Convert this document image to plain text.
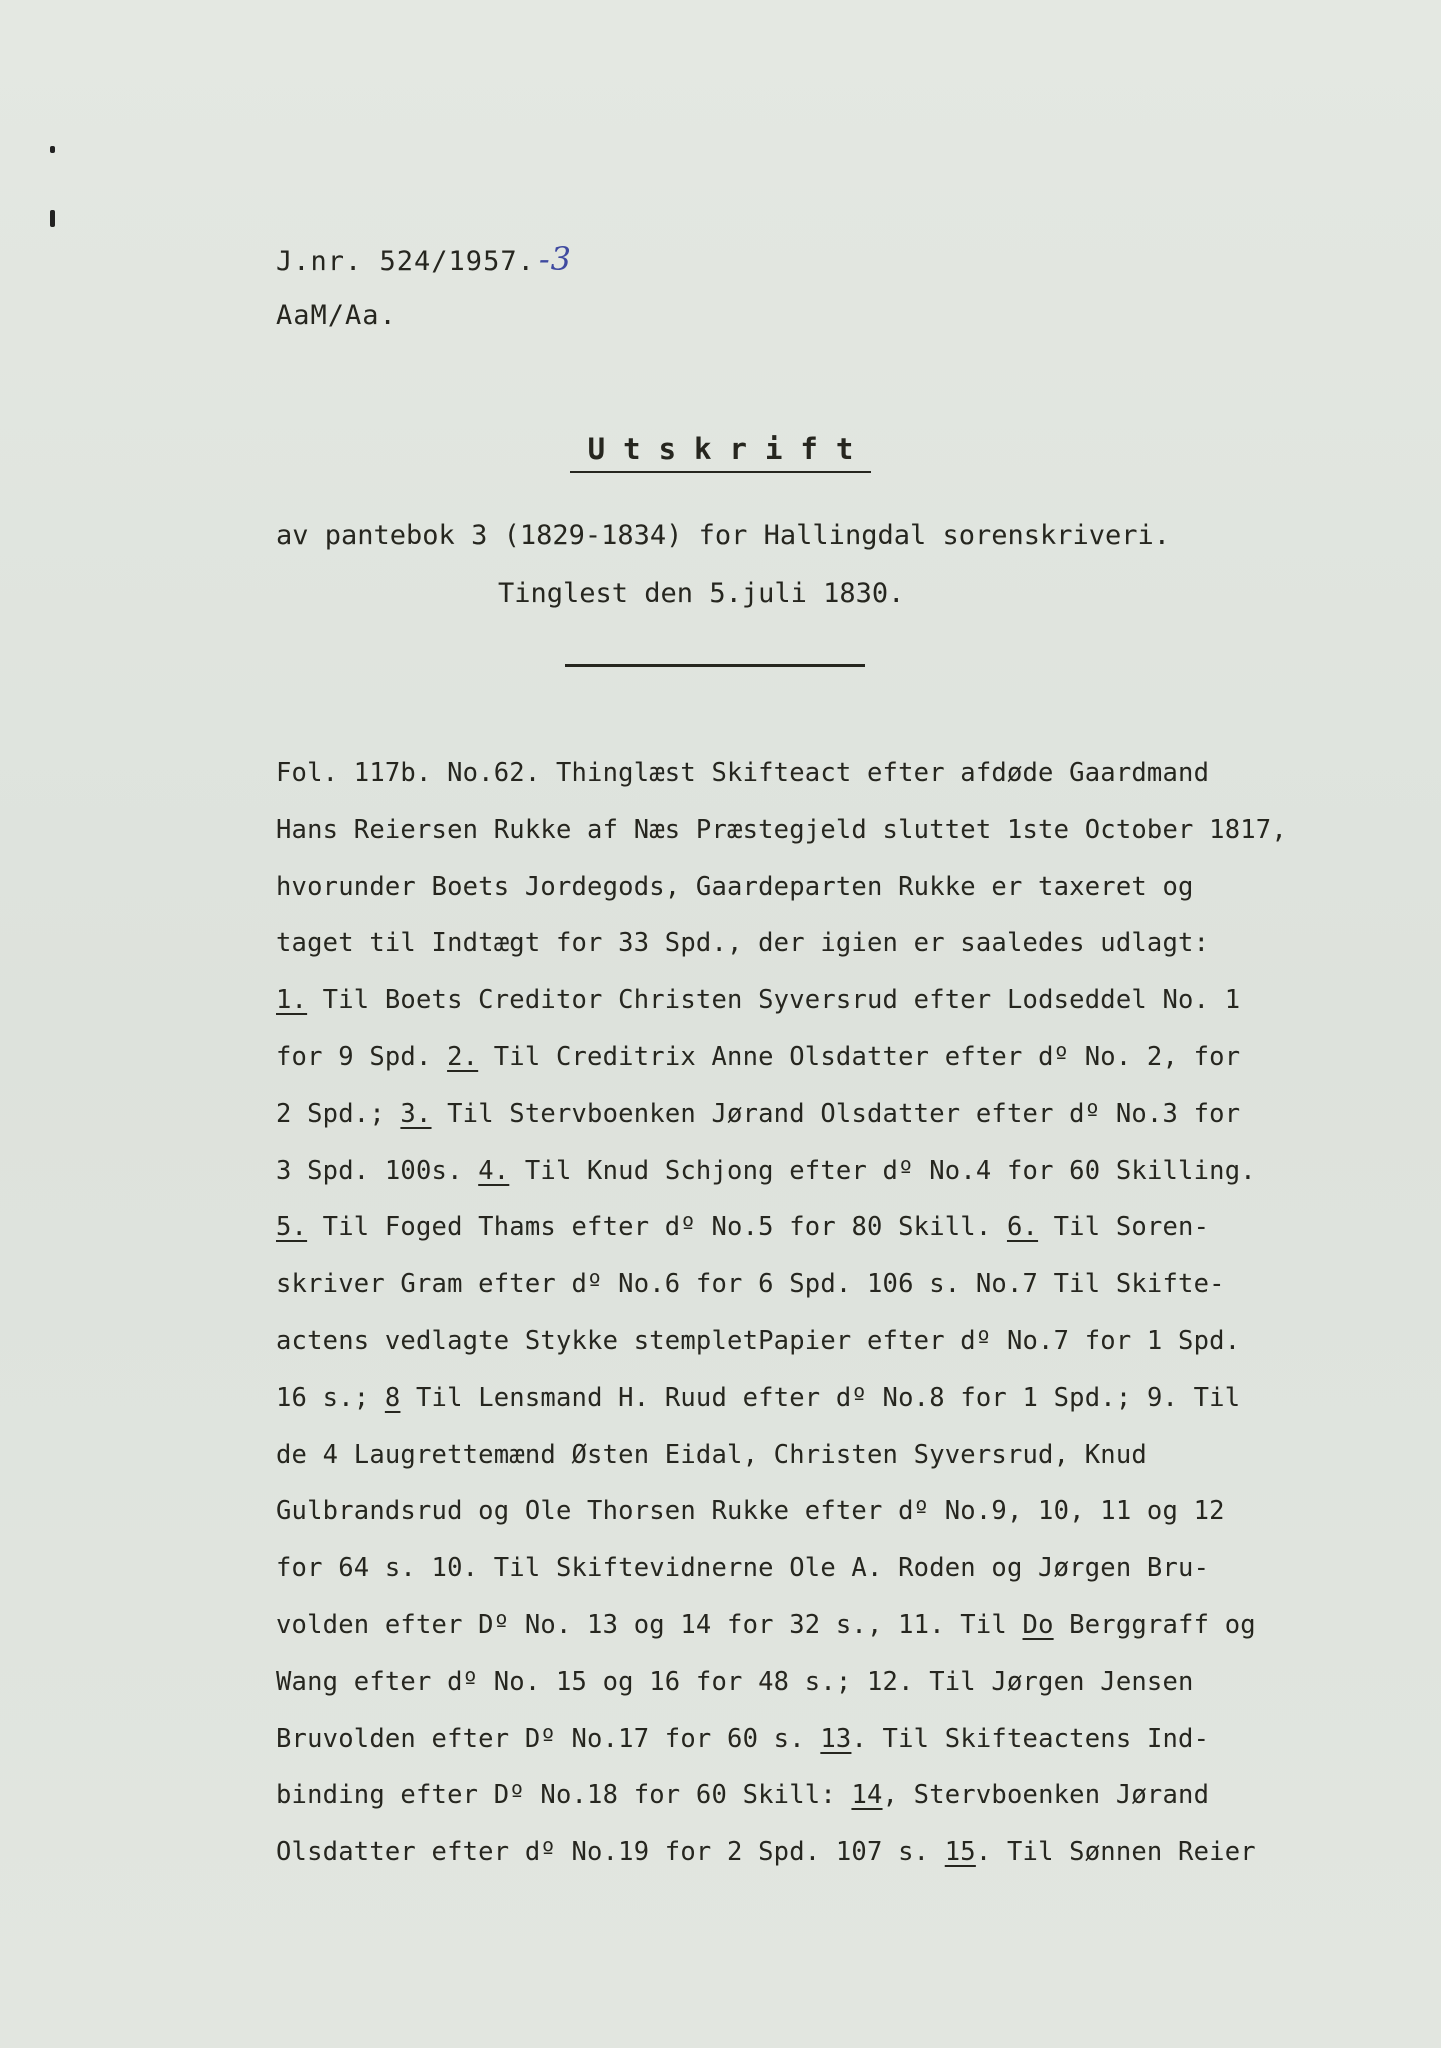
J.nr. 524/1957. -3
AaM/Aa.
Utskrift
av pantebok 3 (1829-1834) for Hallingdal sorenskriveri.
Tinglest den 5.juli 1830.
Fol. 117b. No.62. Thinglæst Skifteact efter afdøde Gaardmand
Hans Reiersen Rukke af Næs Præstegjeld sluttet 1ste October 1817,
hvorunder Boets Jordegods, Gaardeparten Rukke er taxeret og
taget til Indtægt for 33 Spd., der igien er saaledes udlagt:
1. Til Boets Creditor Christen Syversrud efter Lodseddel No. 1
for 9 Spd. 2. Til Creditrix Anne Olsdatter efter dº No. 2, for
2 Spd.; 3. Til Stervboenken Jørand Olsdatter efter dº No.3 for
3 Spd. 100s. 4. Til Knud Schjong efter dº No.4 for 60 Skilling.
5. Til Foged Thams efter dº No.5 for 80 Skill. 6. Til Soren-
skriver Gram efter dº No.6 for 6 Spd. 106 s. No.7 Til Skifte-
actens vedlagte Stykke stempletPapier efter dº No.7 for 1 Spd.
16 s.; 8 Til Lensmand H. Ruud efter dº No.8 for 1 Spd.; 9. Til
de 4 Laugrettemænd Østen Eidal, Christen Syversrud, Knud
Gulbrandsrud og Ole Thorsen Rukke efter dº No.9, 10, 11 og 12
for 64 s. 10. Til Skiftevidnerne Ole A. Roden og Jørgen Bru-
volden efter Dº No. 13 og 14 for 32 s., 11. Til Do Berggraff og
Wang efter dº No. 15 og 16 for 48 s.; 12. Til Jørgen Jensen
Bruvolden efter Dº No.17 for 60 s. 13. Til Skifteactens Ind-
binding efter Dº No.18 for 60 Skill: 14, Stervboenken Jørand
Olsdatter efter dº No.19 for 2 Spd. 107 s. 15. Til Sønnen Reier
